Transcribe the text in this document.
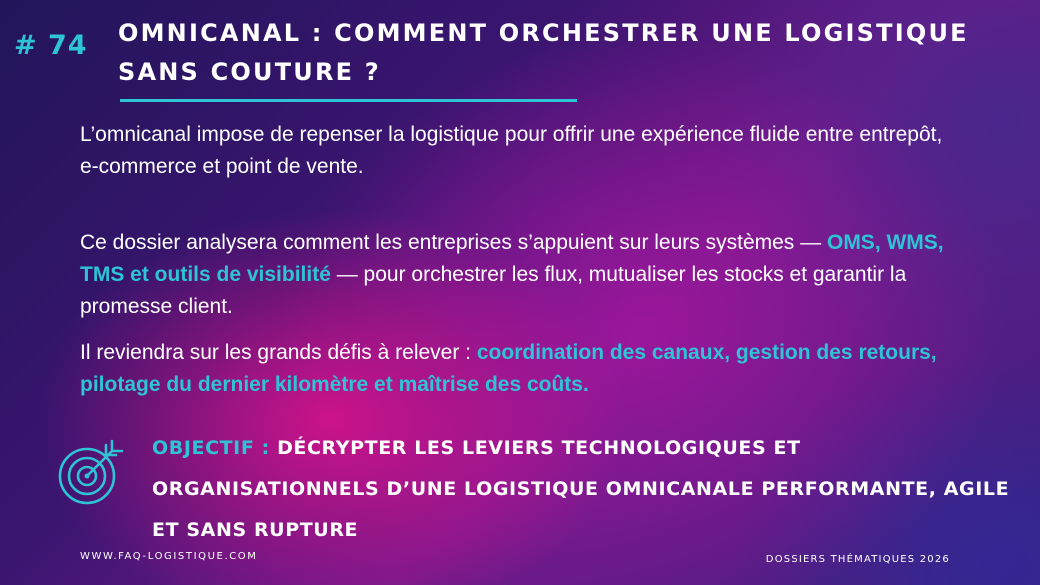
# 74 OMNICANAL : COMMENT ORCHESTRER UNE LOGISTIQUE SANS COUTURE ?

L’omnicanal impose de repenser la logistique pour offrir une expérience fluide entre entrepôt, e-commerce et point de vente.

Ce dossier analysera comment les entreprises s’appuient sur leurs systèmes — OMS, WMS, TMS et outils de visibilité — pour orchestrer les flux, mutualiser les stocks et garantir la promesse client.

Il reviendra sur les grands défis à relever : coordination des canaux, gestion des retours, pilotage du dernier kilomètre et maîtrise des coûts.

OBJECTIF : DÉCRYPTER LES LEVIERS TECHNOLOGIQUES ET ORGANISATIONNELS D’UNE LOGISTIQUE OMNICANALE PERFORMANTE, AGILE ET SANS RUPTURE

WWW.FAQ-LOGISTIQUE.COM	DOSSIERS THÉMATIQUES 2026
